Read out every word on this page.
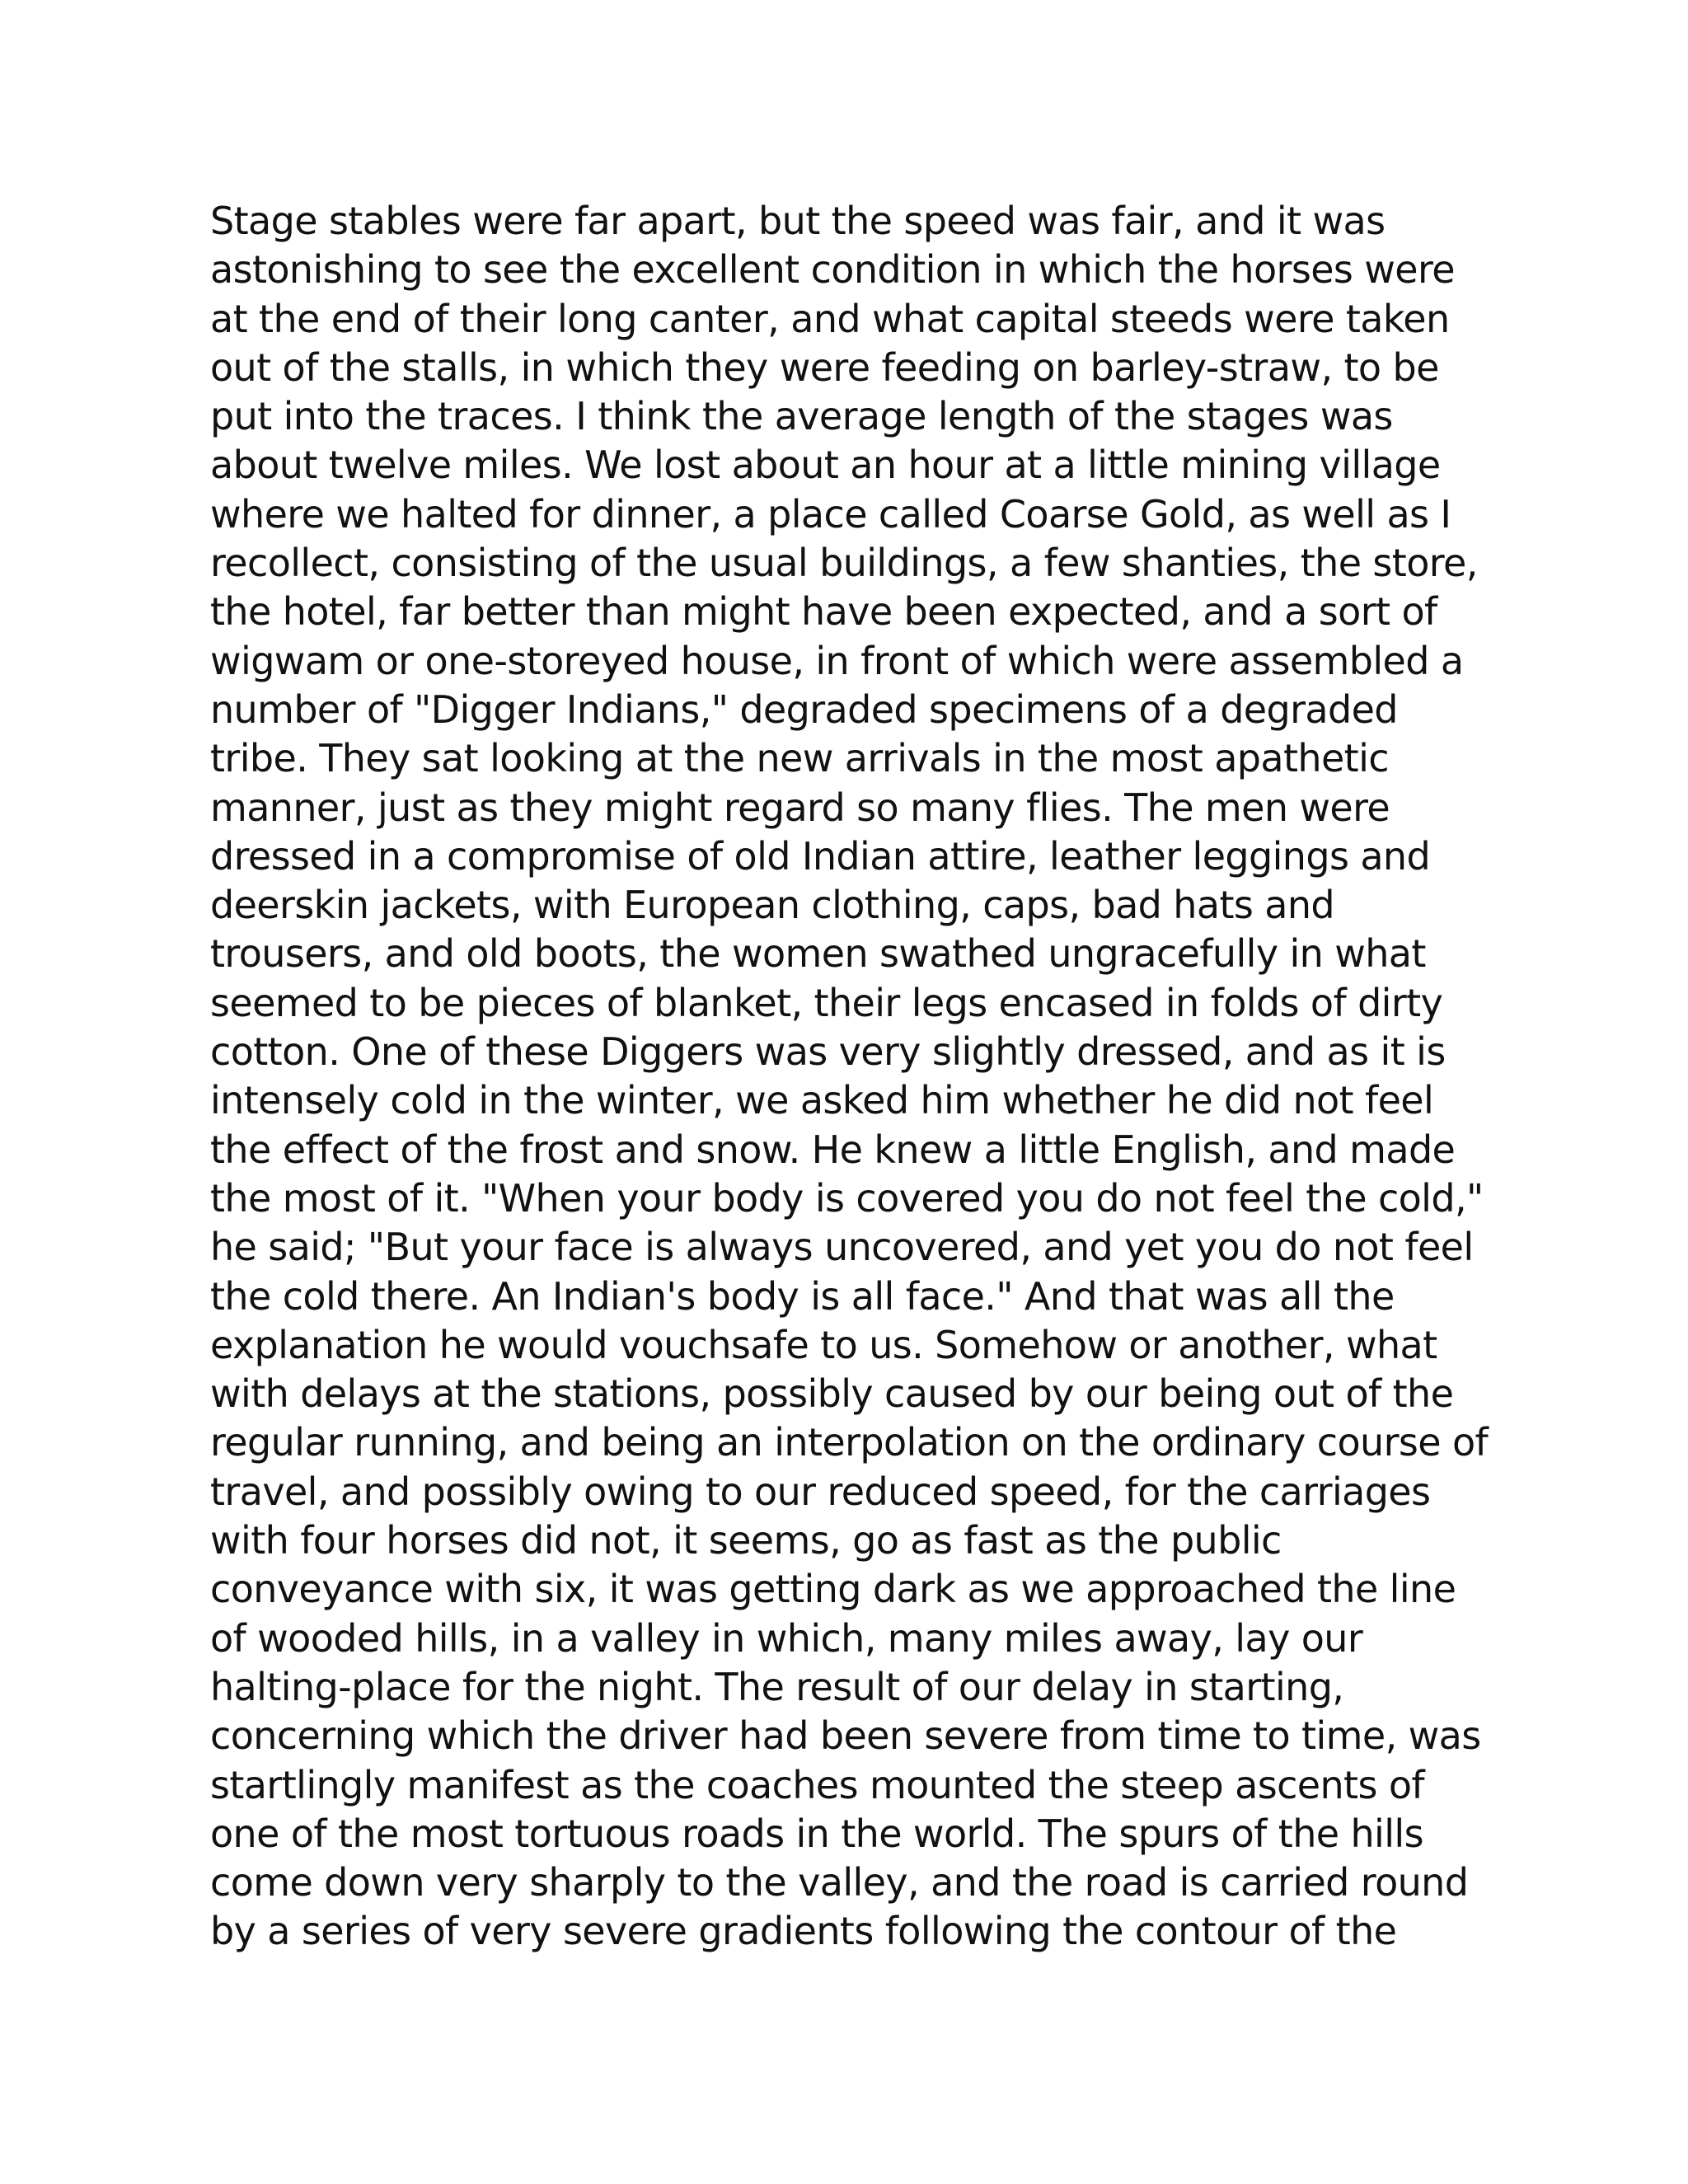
Stage stables were far apart, but the speed was fair, and it was
astonishing to see the excellent condition in which the horses were
at the end of their long canter, and what capital steeds were taken
out of the stalls, in which they were feeding on barley-straw, to be
put into the traces. I think the average length of the stages was
about twelve miles. We lost about an hour at a little mining village
where we halted for dinner, a place called Coarse Gold, as well as I
recollect, consisting of the usual buildings, a few shanties, the store,
the hotel, far better than might have been expected, and a sort of
wigwam or one-storeyed house, in front of which were assembled a
number of "Digger Indians," degraded specimens of a degraded
tribe. They sat looking at the new arrivals in the most apathetic
manner, just as they might regard so many flies. The men were
dressed in a compromise of old Indian attire, leather leggings and
deerskin jackets, with European clothing, caps, bad hats and
trousers, and old boots, the women swathed ungracefully in what
seemed to be pieces of blanket, their legs encased in folds of dirty
cotton. One of these Diggers was very slightly dressed, and as it is
intensely cold in the winter, we asked him whether he did not feel
the effect of the frost and snow. He knew a little English, and made
the most of it. "When your body is covered you do not feel the cold,"
he said; "But your face is always uncovered, and yet you do not feel
the cold there. An Indian's body is all face." And that was all the
explanation he would vouchsafe to us. Somehow or another, what
with delays at the stations, possibly caused by our being out of the
regular running, and being an interpolation on the ordinary course of
travel, and possibly owing to our reduced speed, for the carriages
with four horses did not, it seems, go as fast as the public
conveyance with six, it was getting dark as we approached the line
of wooded hills, in a valley in which, many miles away, lay our
halting-place for the night. The result of our delay in starting,
concerning which the driver had been severe from time to time, was
startlingly manifest as the coaches mounted the steep ascents of
one of the most tortuous roads in the world. The spurs of the hills
come down very sharply to the valley, and the road is carried round
by a series of very severe gradients following the contour of the
